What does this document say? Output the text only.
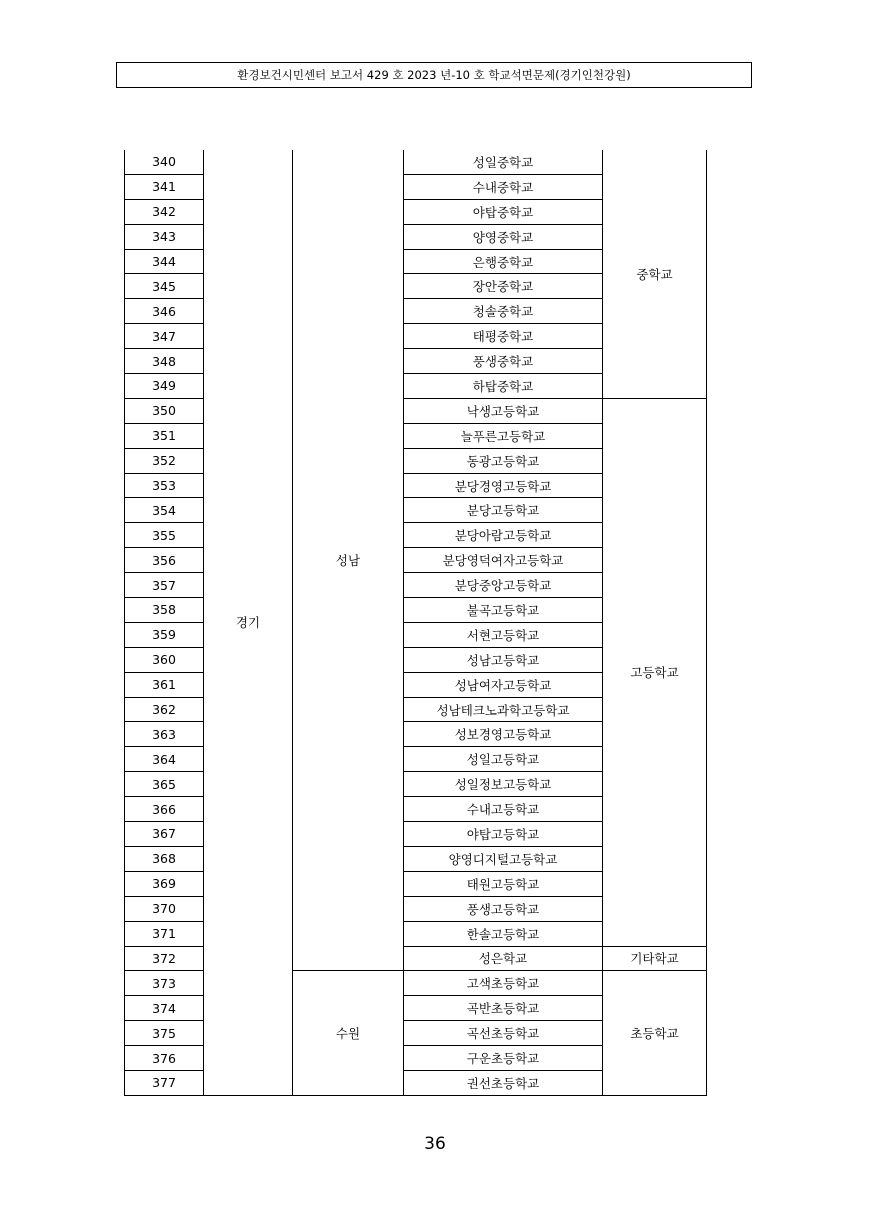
환경보건시민센터 보고서 429 호 2023 년-10 호 학교석면문제(경기인천강원)
340	경기	성남	성일중학교	중학교
341			수내중학교	
342			야탑중학교	
343			양영중학교	
344			은행중학교	
345			장안중학교	
346			청솔중학교	
347			태평중학교	
348			풍생중학교	
349			하탑중학교	
350			낙생고등학교	고등학교
351			늘푸른고등학교	
352			동광고등학교	
353			분당경영고등학교	
354			분당고등학교	
355			분당아람고등학교	
356			분당영덕여자고등학교	
357			분당중앙고등학교	
358			불곡고등학교	
359			서현고등학교	
360			성남고등학교	
361			성남여자고등학교	
362			성남테크노과학고등학교	
363			성보경영고등학교	
364			성일고등학교	
365			성일정보고등학교	
366			수내고등학교	
367			야탑고등학교	
368			양영디지털고등학교	
369			태원고등학교	
370			풍생고등학교	
371			한솔고등학교	
372			성은학교	기타학교
373		수원	고색초등학교	초등학교
374			곡반초등학교	
375			곡선초등학교	
376			구운초등학교	
377			권선초등학교	
36
